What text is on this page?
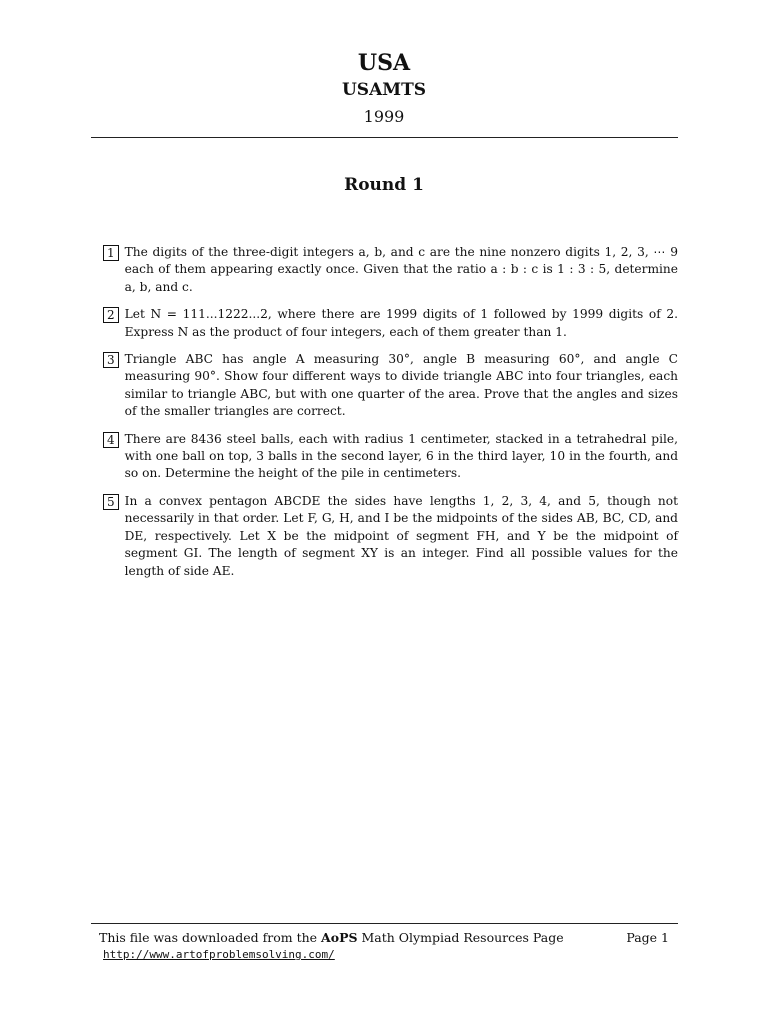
USA
USAMTS
1999
Round 1
1 The digits of the three-digit integers a, b, and c are the nine nonzero digits 1, 2, 3, ⋯ 9 each of them appearing exactly once. Given that the ratio a : b : c is 1 : 3 : 5, determine a, b, and c.
2 Let N = 111...1222...2, where there are 1999 digits of 1 followed by 1999 digits of 2. Express N as the product of four integers, each of them greater than 1.
3 Triangle ABC has angle A measuring 30°, angle B measuring 60°, and angle C measuring 90°. Show four different ways to divide triangle ABC into four triangles, each similar to triangle ABC, but with one quarter of the area. Prove that the angles and sizes of the smaller triangles are correct.
4 There are 8436 steel balls, each with radius 1 centimeter, stacked in a tetrahedral pile, with one ball on top, 3 balls in the second layer, 6 in the third layer, 10 in the fourth, and so on. Determine the height of the pile in centimeters.
5 In a convex pentagon ABCDE the sides have lengths 1, 2, 3, 4, and 5, though not necessarily in that order. Let F, G, H, and I be the midpoints of the sides AB, BC, CD, and DE, respectively. Let X be the midpoint of segment FH, and Y be the midpoint of segment GI. The length of segment XY is an integer. Find all possible values for the length of side AE.
This file was downloaded from the AoPS Math Olympiad Resources Page
http://www.artofproblemsolving.com/
Page 1
